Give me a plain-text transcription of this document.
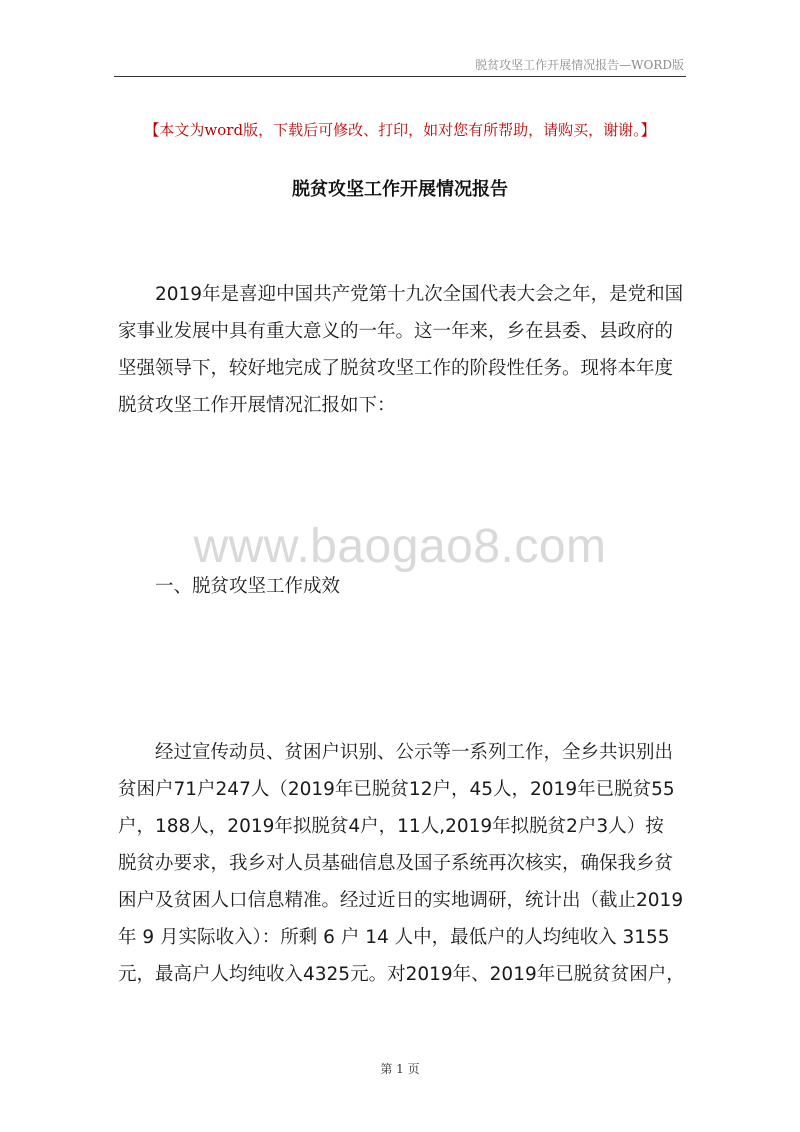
脱贫攻坚工作开展情况报告—WORD版
【本文为word版，下载后可修改、打印，如对您有所帮助，请购买，谢谢。】
脱贫攻坚工作开展情况报告
2019年是喜迎中国共产党第十九次全国代表大会之年，是党和国
家事业发展中具有重大意义的一年。这一年来，乡在县委、县政府的
坚强领导下，较好地完成了脱贫攻坚工作的阶段性任务。现将本年度
脱贫攻坚工作开展情况汇报如下：
www.baogao8.com
一、脱贫攻坚工作成效
经过宣传动员、贫困户识别、公示等一系列工作，全乡共识别出
贫困户71户247人（2019年已脱贫12户，45人，2019年已脱贫55
户，188人，2019年拟脱贫4户，11人,2019年拟脱贫2户3人）按
脱贫办要求，我乡对人员基础信息及国子系统再次核实，确保我乡贫
困户及贫困人口信息精准。经过近日的实地调研，统计出（截止2019
年 9 月实际收入）：所剩 6 户 14 人中，最低户的人均纯收入 3155
元，最高户人均纯收入4325元。对2019年、2019年已脱贫贫困户，
第 1 页
